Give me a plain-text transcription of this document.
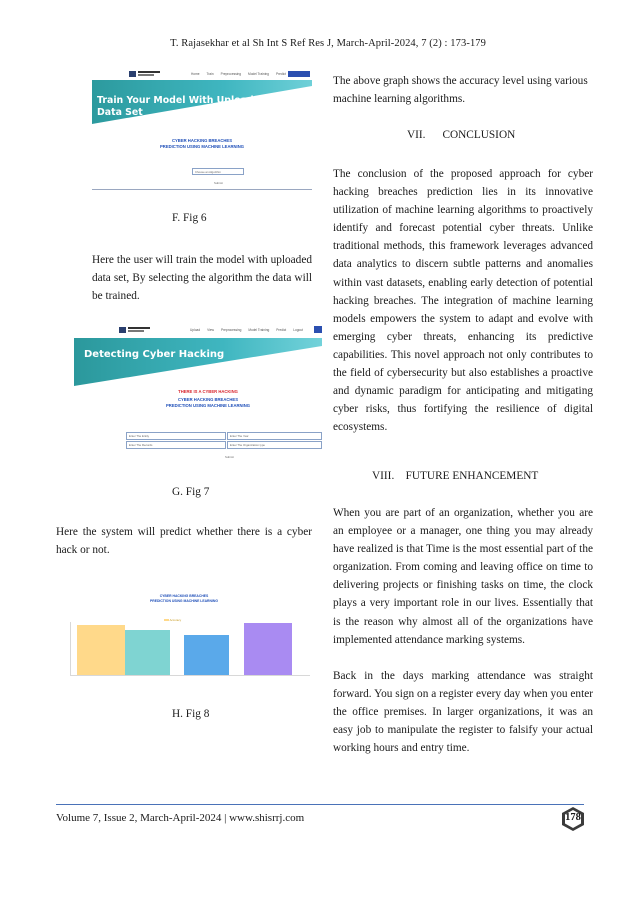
T. Rajasekhar et al Sh Int S Ref Res J, March-April-2024, 7 (2) : 173-179
Home Train Preprocessing Model Training Predict
Train Your Model With Uploaded
Data Set
CYBER HACKING BREACHES
PREDICTION USING MACHINE LEARNING
Choose an Algorithm
Submit
F. Fig 6
Here the user will train the model with uploaded data set, By selecting the algorithm the data will be trained.
Upload View Preprocessing Model Training Predict Logout
Detecting Cyber Hacking
THERE IS A CYBER HACKING
CYBER HACKING BREACHES
PREDICTION USING MACHINE LEARNING
Enter The Entity	Enter The Year
Enter The Records	Enter The Organization type
Submit
G. Fig 7
Here the system will predict whether there is a cyber hack or not.
CYBER HACKING BREACHES
PREDICTION USING MACHINE LEARNING
Accuracy
H. Fig 8
The above graph shows the accuracy level using various machine learning algorithms.
VII.      CONCLUSION
The conclusion of the proposed approach for cyber hacking breaches prediction lies in its innovative utilization of machine learning algorithms to proactively identify and forecast potential cyber threats. Unlike traditional methods, this framework leverages advanced data analytics to discern subtle patterns and anomalies within vast datasets, enabling early detection of potential hacking breaches. The integration of machine learning models empowers the system to adapt and evolve with emerging cyber threats, enhancing its predictive capabilities. This novel approach not only contributes to the field of cybersecurity but also establishes a proactive and dynamic paradigm for anticipating and mitigating cyber risks, thus fortifying the resilience of digital ecosystems.
VIII.    FUTURE ENHANCEMENT
When you are part of an organization, whether you are an employee or a manager, one thing you may already have realized is that Time is the most essential part of the organization. From coming and leaving office on time to delivering projects or finishing tasks on time, the clock plays a very important role in our lives. Essentially that is the reason why almost all of the organizations have implemented attendance marking systems.
Back in the days marking attendance was straight forward. You sign on a register every day when you enter the office premises. In larger organizations, it was an easy job to manipulate the register to falsify your actual working hours and entry time.
Volume 7, Issue 2, March-April-2024 | www.shisrrj.com	178
